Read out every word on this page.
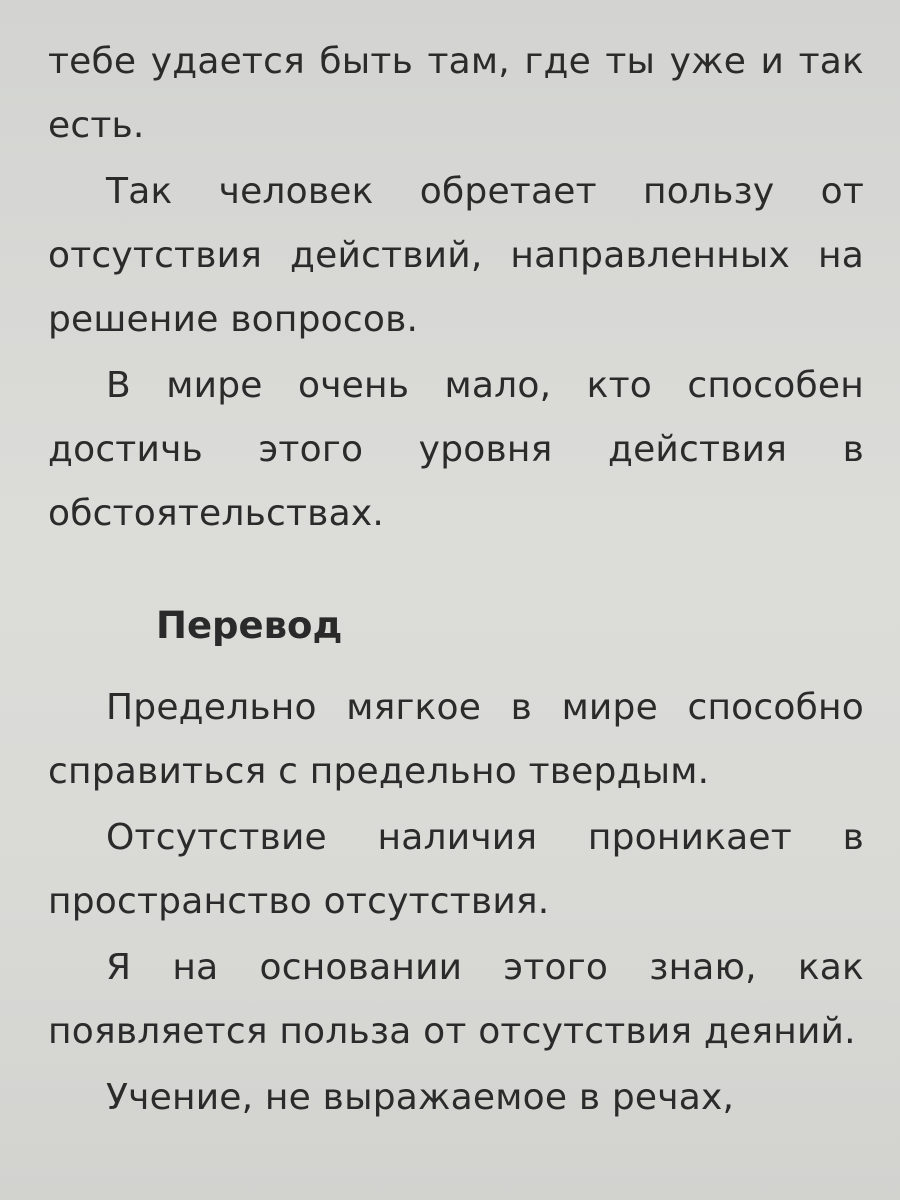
тебе удается быть там, где ты уже и так есть.

Так человек обретает пользу от отсутствия действий, направленных на решение вопросов.

В мире очень мало, кто способен достичь этого уровня действия в обстоятельствах.

Перевод

Предельно мягкое в мире способно справиться с предельно твердым.

Отсутствие наличия проникает в пространство отсутствия.

Я на основании этого знаю, как появляется польза от отсутствия деяний.

Учение, не выражаемое в речах,
